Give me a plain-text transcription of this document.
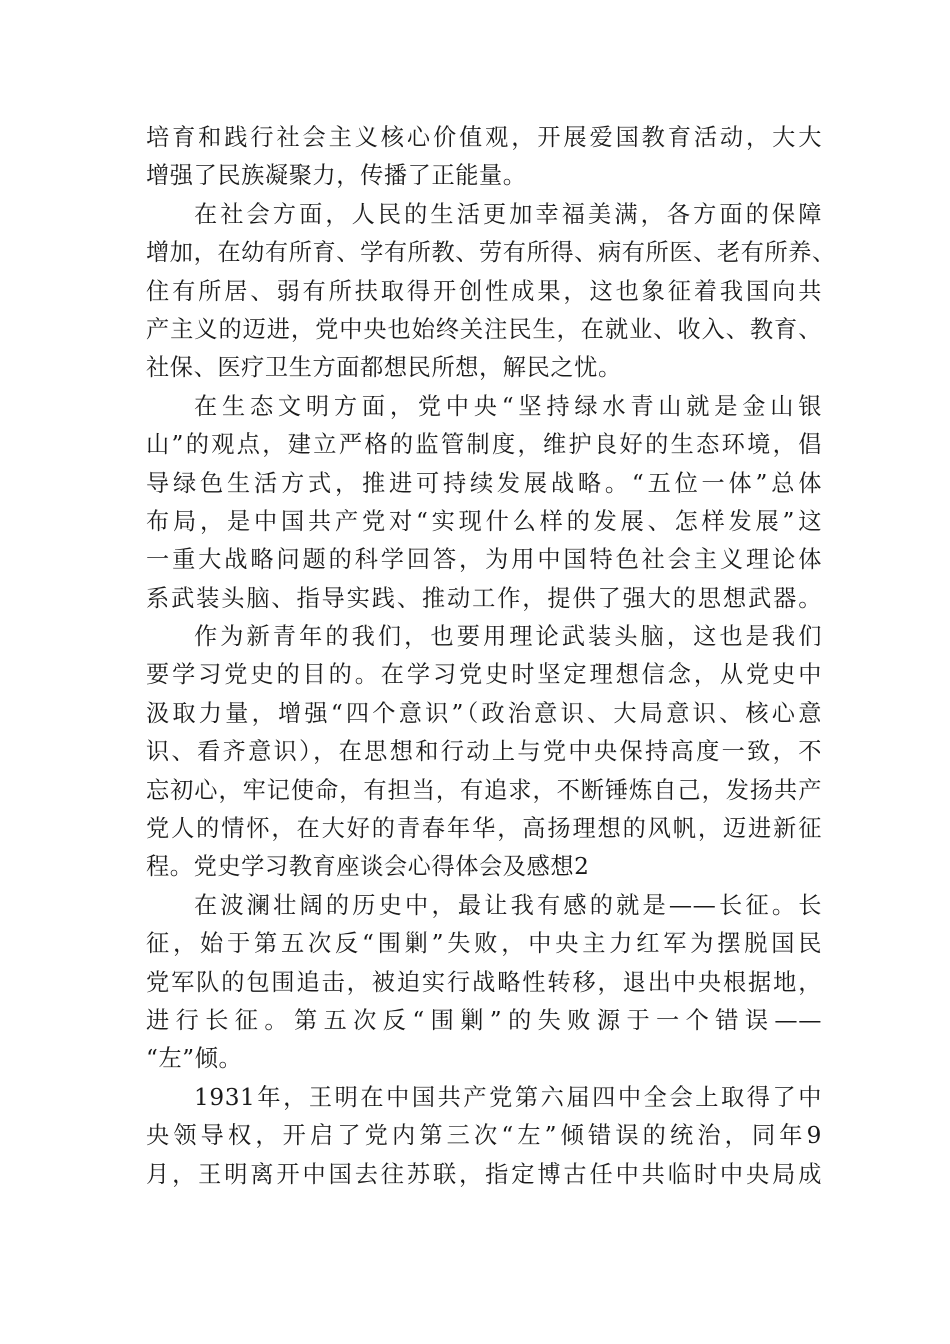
培育和践行社会主义核心价值观，开展爱国教育活动，大大
增强了民族凝聚力，传播了正能量。
在社会方面，人民的生活更加幸福美满，各方面的保障
增加，在幼有所育、学有所教、劳有所得、病有所医、老有所养、
住有所居、弱有所扶取得开创性成果，这也象征着我国向共
产主义的迈进，党中央也始终关注民生，在就业、收入、教育、
社保、医疗卫生方面都想民所想，解民之忧。
在生态文明方面，党中央“坚持绿水青山就是金山银
山”的观点，建立严格的监管制度，维护良好的生态环境，倡
导绿色生活方式，推进可持续发展战略。“五位一体”总体
布局，是中国共产党对“实现什么样的发展、怎样发展”这
一重大战略问题的科学回答，为用中国特色社会主义理论体
系武装头脑、指导实践、推动工作，提供了强大的思想武器。
作为新青年的我们，也要用理论武装头脑，这也是我们
要学习党史的目的。在学习党史时坚定理想信念，从党史中
汲取力量，增强“四个意识”（政治意识、大局意识、核心意
识、看齐意识），在思想和行动上与党中央保持高度一致，不
忘初心，牢记使命，有担当，有追求，不断锤炼自己，发扬共产
党人的情怀，在大好的青春年华，高扬理想的风帆，迈进新征
程。党史学习教育座谈会心得体会及感想2
在波澜壮阔的历史中，最让我有感的就是——长征。长
征，始于第五次反“围剿”失败，中央主力红军为摆脱国民
党军队的包围追击，被迫实行战略性转移，退出中央根据地，
进行长征。第五次反“围剿”的失败源于一个错误——
“左”倾。
1931年，王明在中国共产党第六届四中全会上取得了中
央领导权，开启了党内第三次“左”倾错误的统治，同年9
月，王明离开中国去往苏联，指定博古任中共临时中央局成
